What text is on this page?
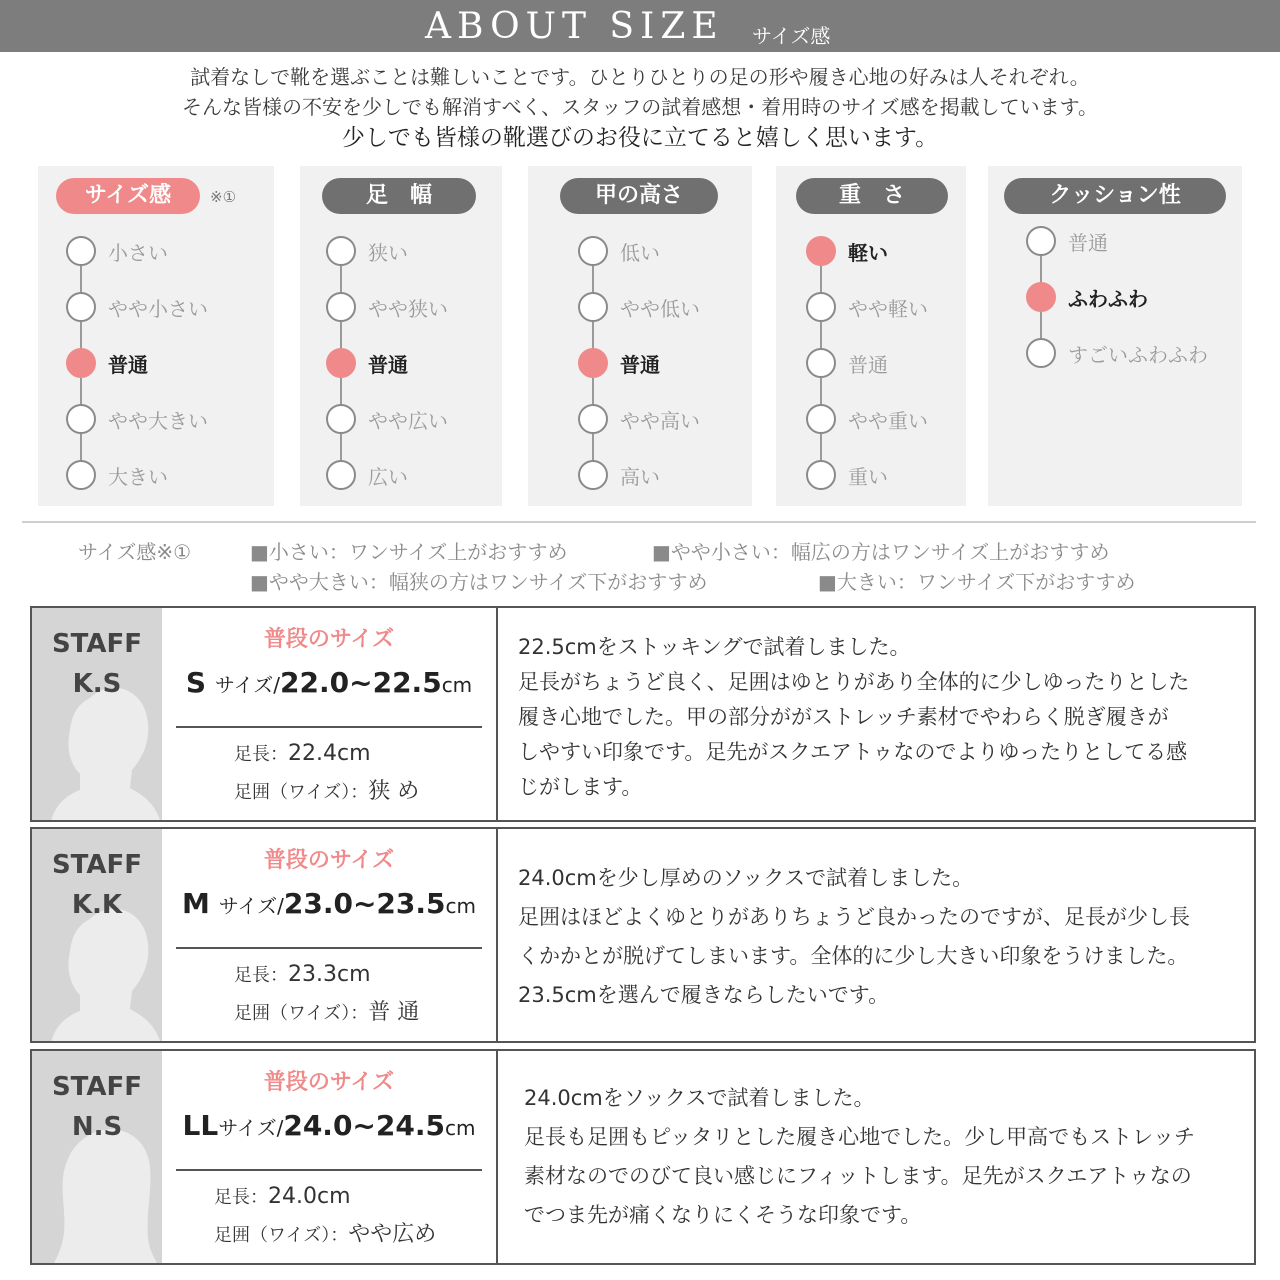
ABOUT SIZE サイズ感
試着なしで靴を選ぶことは難しいことです。ひとりひとりの足の形や履き心地の好みは人それぞれ。
そんな皆様の不安を少しでも解消すべく、スタッフの試着感想・着用時のサイズ感を掲載しています。
少しでも皆様の靴選びのお役に立てると嬉しく思います。
サイズ感	※①
小さい
やや小さい
普通
やや大きい
大きい
足　幅
狭い
やや狭い
普通
やや広い
広い
甲の高さ
低い
やや低い
普通
やや高い
高い
重　さ
軽い
やや軽い
普通
やや重い
重い
クッション性
普通
ふわふわ
すごいふわふわ
サイズ感※①	■小さい：ワンサイズ上がおすすめ	■やや小さい：幅広の方はワンサイズ上がおすすめ
■やや大きい：幅狭の方はワンサイズ下がおすすめ	■大きい：ワンサイズ下がおすすめ
STAFF
K.S
普段のサイズ
S サイズ/22.0~22.5cm
足長：22.4cm
足囲（ワイズ）：狭 め
22.5cmをストッキングで試着しました。
足長がちょうど良く、足囲はゆとりがあり全体的に少しゆったりとした
履き心地でした。甲の部分ががストレッチ素材でやわらく脱ぎ履きが
しやすい印象です。足先がスクエアトゥなのでよりゆったりとしてる感
じがします。
STAFF
K.K
普段のサイズ
M サイズ/23.0~23.5cm
足長：23.3cm
足囲（ワイズ）：普 通
24.0cmを少し厚めのソックスで試着しました。
足囲はほどよくゆとりがありちょうど良かったのですが、足長が少し長
くかかとが脱げてしまいます。全体的に少し大きい印象をうけました。
23.5cmを選んで履きならしたいです。
STAFF
N.S
普段のサイズ
LLサイズ/24.0~24.5cm
足長：24.0cm
足囲（ワイズ）：やや広め
24.0cmをソックスで試着しました。
足長も足囲もピッタリとした履き心地でした。少し甲高でもストレッチ
素材なのでのびて良い感じにフィットします。足先がスクエアトゥなの
でつま先が痛くなりにくそうな印象です。
